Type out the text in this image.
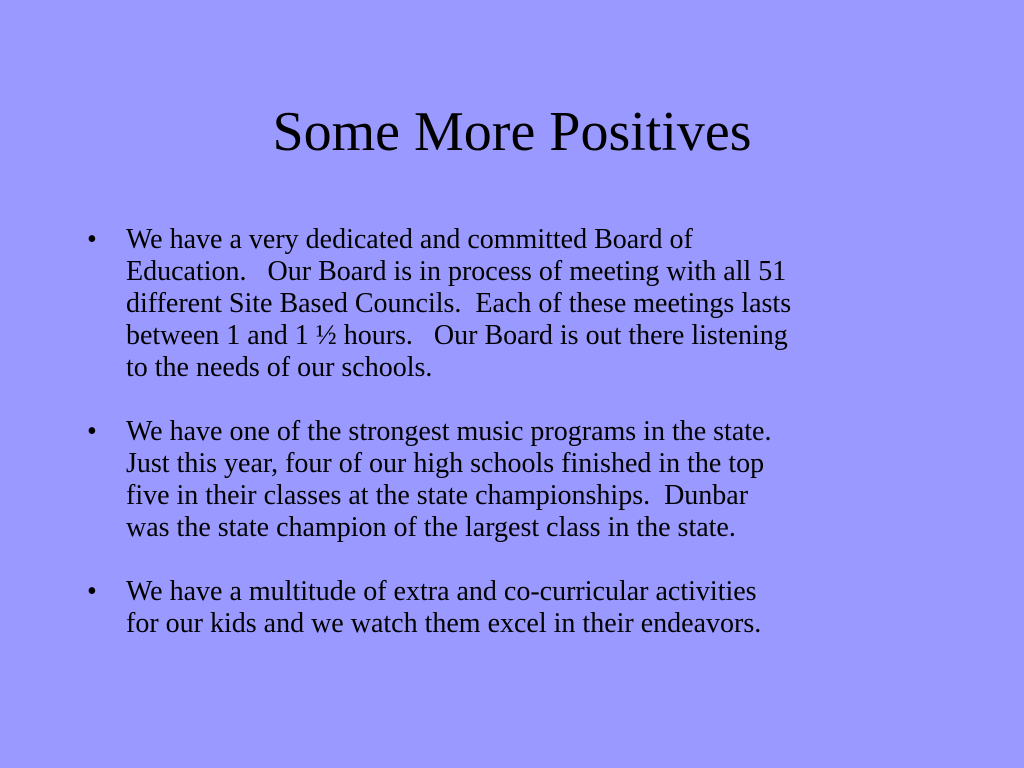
Some More Positives
•	We have a very dedicated and committed Board of
Education.   Our Board is in process of meeting with all 51
different Site Based Councils.  Each of these meetings lasts
between 1 and 1 ½ hours.   Our Board is out there listening
to the needs of our schools.
•	We have one of the strongest music programs in the state.
Just this year, four of our high schools finished in the top
five in their classes at the state championships.  Dunbar
was the state champion of the largest class in the state.
•	We have a multitude of extra and co-curricular activities
for our kids and we watch them excel in their endeavors.
